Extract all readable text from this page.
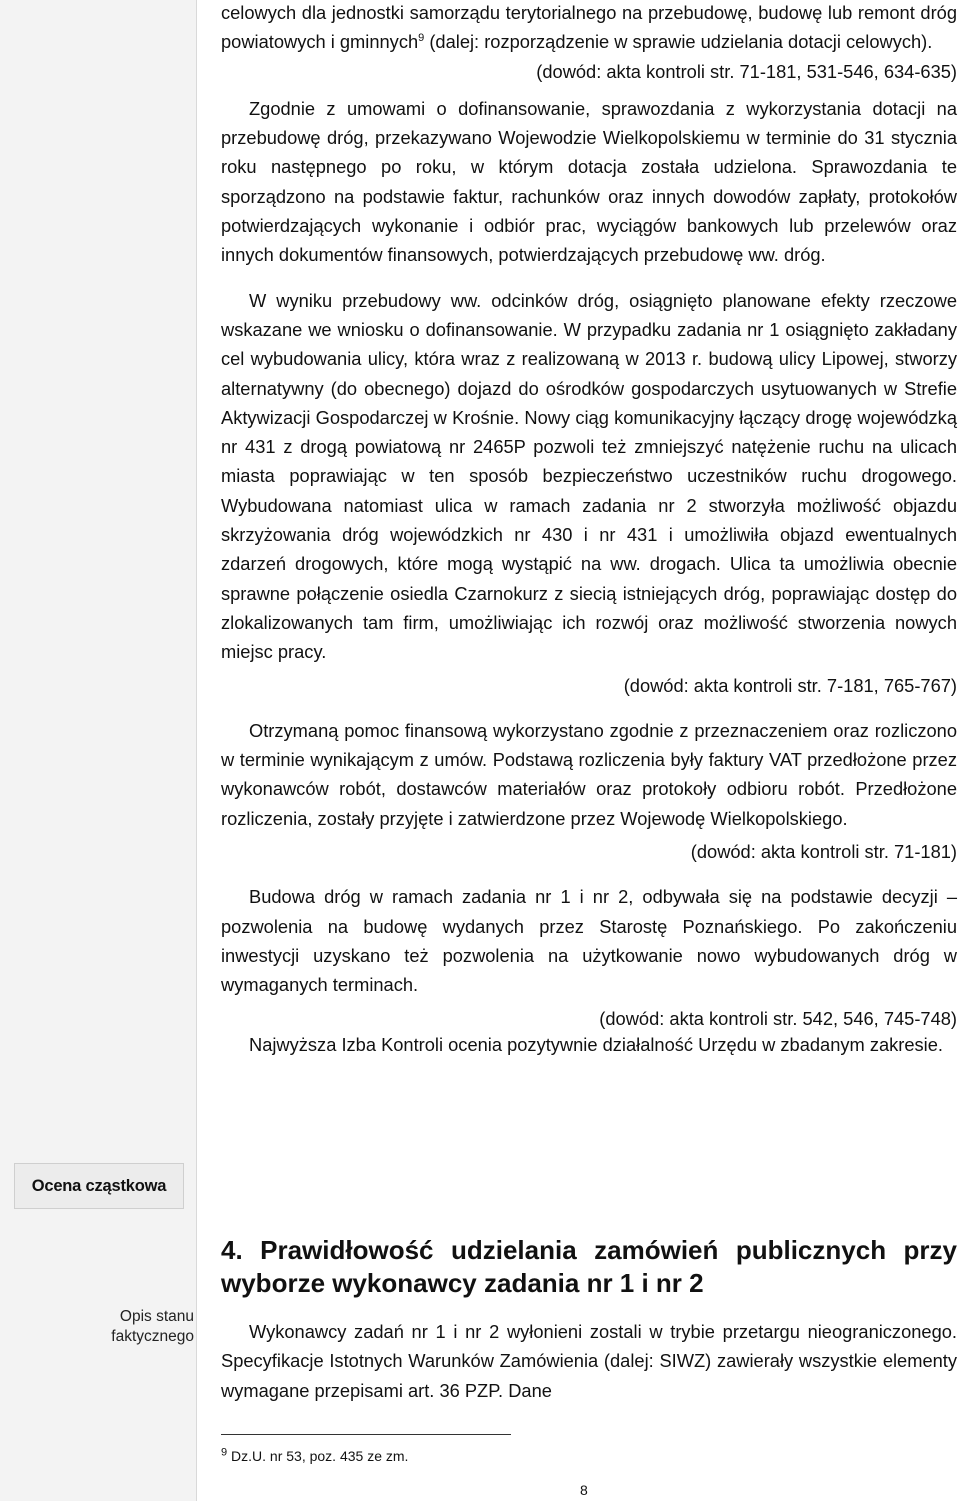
Ocena cząstkowa
Opis stanu
faktycznego

celowych dla jednostki samorządu terytorialnego na przebudowę, budowę lub remont dróg powiatowych i gminnych$^9$ (dalej: rozporządzenie w sprawie udzielania dotacji celowych).

(dowód: akta kontroli str. 71-181, 531-546, 634-635)

Zgodnie z umowami o dofinansowanie, sprawozdania z wykorzystania dotacji na przebudowę dróg, przekazywano Wojewodzie Wielkopolskiemu w terminie do 31 stycznia roku następnego po roku, w którym dotacja została udzielona. Sprawozdania te sporządzono na podstawie faktur, rachunków oraz innych dowodów zapłaty, protokołów potwierdzających wykonanie i odbiór prac, wyciągów bankowych lub przelewów oraz innych dokumentów finansowych, potwierdzających przebudowę ww. dróg.

W wyniku przebudowy ww. odcinków dróg, osiągnięto planowane efekty rzeczowe wskazane we wniosku o dofinansowanie. W przypadku zadania nr 1 osiągnięto zakładany cel wybudowania ulicy, która wraz z realizowaną w 2013 r. budową ulicy Lipowej, stworzy alternatywny (do obecnego) dojazd do ośrodków gospodarczych usytuowanych w Strefie Aktywizacji Gospodarczej w Krośnie. Nowy ciąg komunikacyjny łączący drogę wojewódzką nr 431 z drogą powiatową nr 2465P pozwoli też zmniejszyć natężenie ruchu na ulicach miasta poprawiając w ten sposób bezpieczeństwo uczestników ruchu drogowego. Wybudowana natomiast ulica w ramach zadania nr 2 stworzyła możliwość objazdu skrzyżowania dróg wojewódzkich nr 430 i nr 431 i umożliwiła objazd ewentualnych zdarzeń drogowych, które mogą wystąpić na ww. drogach. Ulica ta umożliwia obecnie sprawne połączenie osiedla Czarnokurz z siecią istniejących dróg, poprawiając dostęp do zlokalizowanych tam firm, umożliwiając ich rozwój oraz możliwość stworzenia nowych miejsc pracy.

(dowód: akta kontroli str. 7-181, 765-767)

Otrzymaną pomoc finansową wykorzystano zgodnie z przeznaczeniem oraz rozliczono w terminie wynikającym z umów. Podstawą rozliczenia były faktury VAT przedłożone przez wykonawców robót, dostawców materiałów oraz protokoły odbioru robót. Przedłożone rozliczenia, zostały przyjęte i zatwierdzone przez Wojewodę Wielkopolskiego.

(dowód: akta kontroli str. 71-181)

Budowa dróg w ramach zadania nr 1 i nr 2, odbywała się na podstawie decyzji – pozwolenia na budowę wydanych przez Starostę Poznańskiego. Po zakończeniu inwestycji uzyskano też pozwolenia na użytkowanie nowo wybudowanych dróg w wymaganych terminach.

(dowód: akta kontroli str. 542, 546, 745-748)

Najwyższa Izba Kontroli ocenia pozytywnie działalność Urzędu w zbadanym zakresie.

4. Prawidłowość udzielania zamówień publicznych przy wyborze wykonawcy zadania nr 1 i nr 2

Wykonawcy zadań nr 1 i nr 2 wyłonieni zostali w trybie przetargu nieograniczonego. Specyfikacje Istotnych Warunków Zamówienia (dalej: SIWZ) zawierały wszystkie elementy wymagane przepisami art. 36 PZP. Dane

$^9$ Dz.U. nr 53, poz. 435 ze zm.
8
